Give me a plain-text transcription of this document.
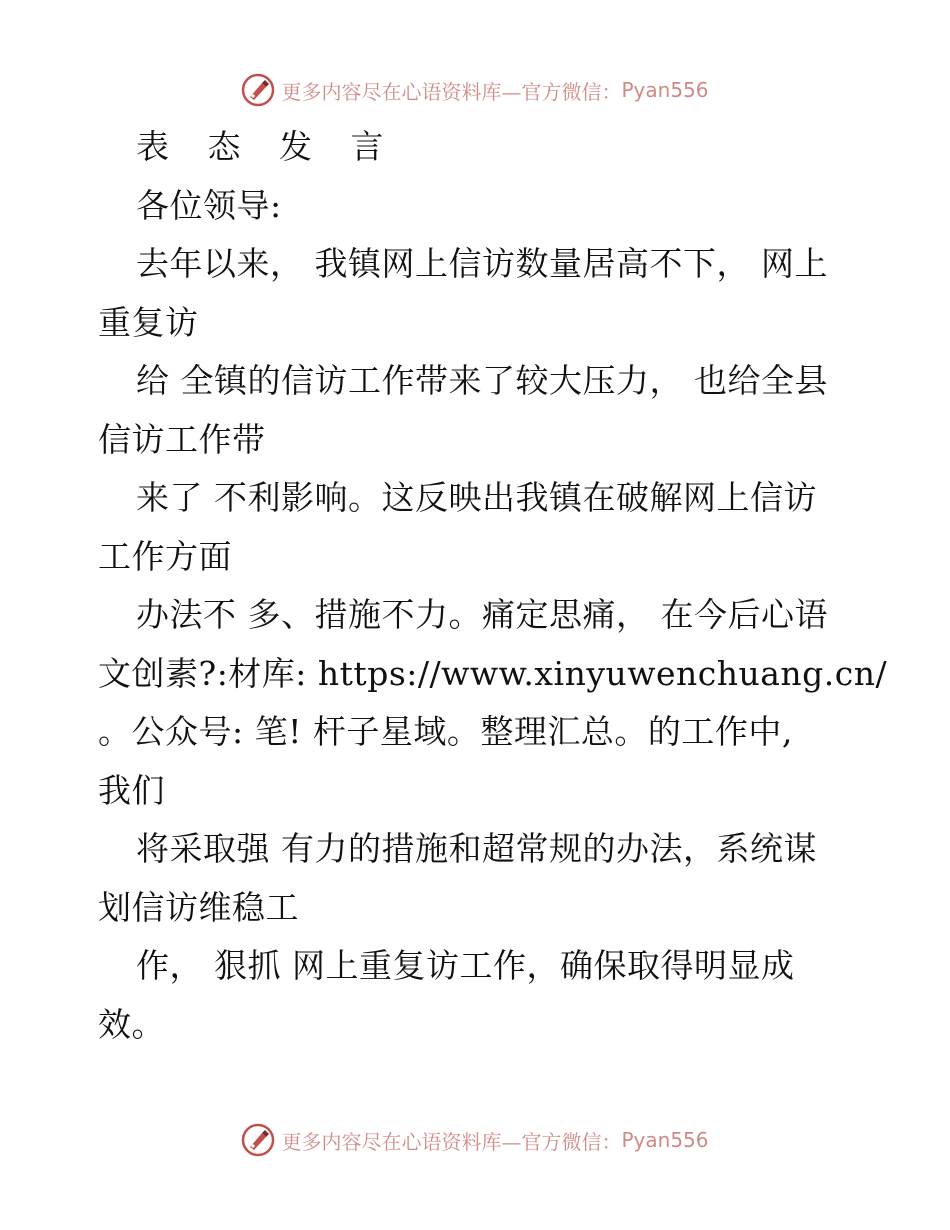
更多内容尽在心语资料库—官方微信： Pyan556
表 态 发 言
各位领导:
去年以来， 我镇网上信访数量居高不下， 网上
重复访
给 全镇的信访工作带来了较大压力， 也给全县
信访工作带
来了 不利影响。这反映出我镇在破解网上信访
工作方面
办法不 多、措施不力。痛定思痛， 在今后心语
文创素?:材库: https://www.xinyuwenchuang.cn/
。公众号: 笔! 杆子星域。整理汇总。的工作中,
我们
将采取强 有力的措施和超常规的办法，系统谋
划信访维稳工
作， 狠抓 网上重复访工作，确保取得明显成
效。
更多内容尽在心语资料库—官方微信： Pyan556
